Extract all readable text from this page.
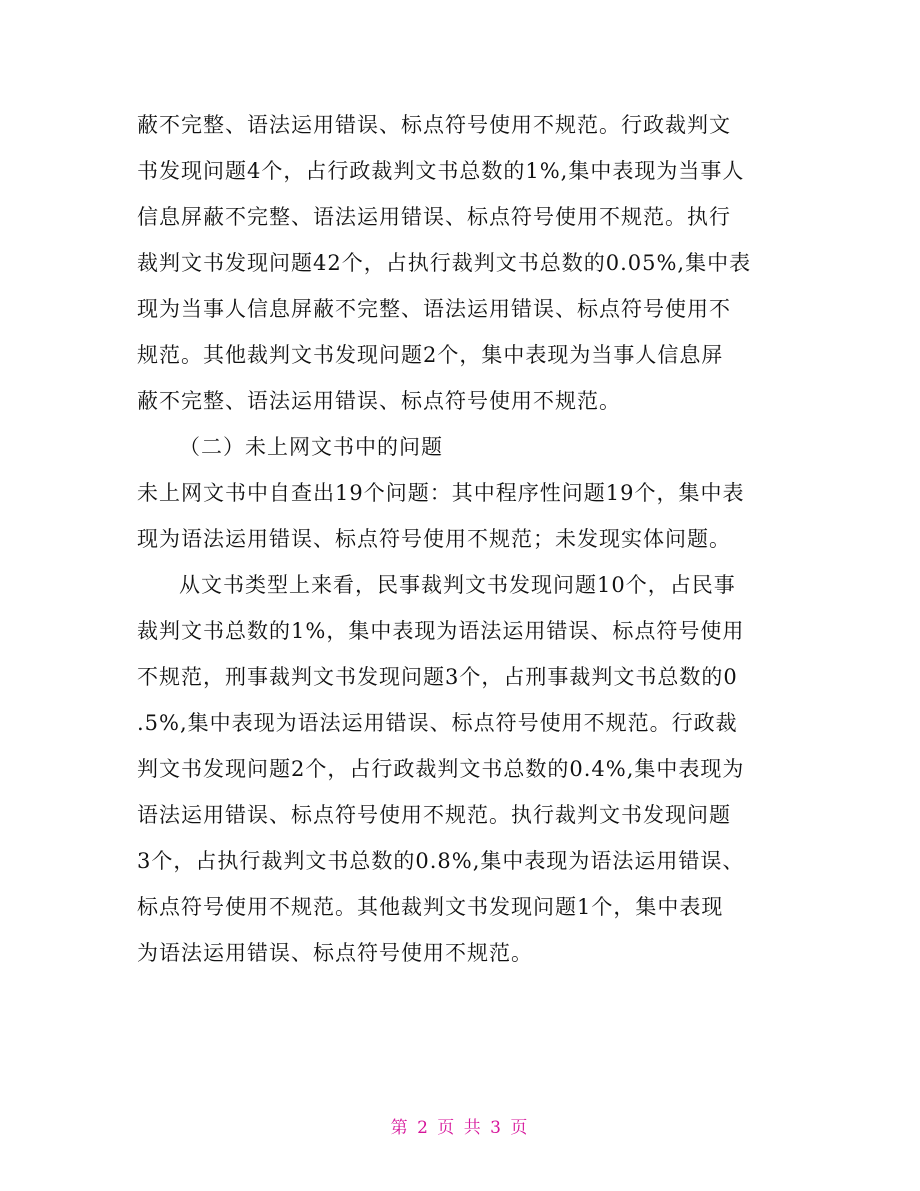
蔽不完整、语法运用错误、标点符号使用不规范。行政裁判文
书发现问题4个，占行政裁判文书总数的1%,集中表现为当事人
信息屏蔽不完整、语法运用错误、标点符号使用不规范。执行
裁判文书发现问题42个，占执行裁判文书总数的0.05%,集中表
现为当事人信息屏蔽不完整、语法运用错误、标点符号使用不
规范。其他裁判文书发现问题2个，集中表现为当事人信息屏
蔽不完整、语法运用错误、标点符号使用不规范。
（二）未上网文书中的问题
未上网文书中自查出19个问题：其中程序性问题19个，集中表
现为语法运用错误、标点符号使用不规范；未发现实体问题。
从文书类型上来看，民事裁判文书发现问题10个，占民事
裁判文书总数的1%，集中表现为语法运用错误、标点符号使用
不规范，刑事裁判文书发现问题3个，占刑事裁判文书总数的0
.5%,集中表现为语法运用错误、标点符号使用不规范。行政裁
判文书发现问题2个，占行政裁判文书总数的0.4%,集中表现为
语法运用错误、标点符号使用不规范。执行裁判文书发现问题
3个，占执行裁判文书总数的0.8%,集中表现为语法运用错误、
标点符号使用不规范。其他裁判文书发现问题1个，集中表现
为语法运用错误、标点符号使用不规范。
第 2 页 共 3 页
